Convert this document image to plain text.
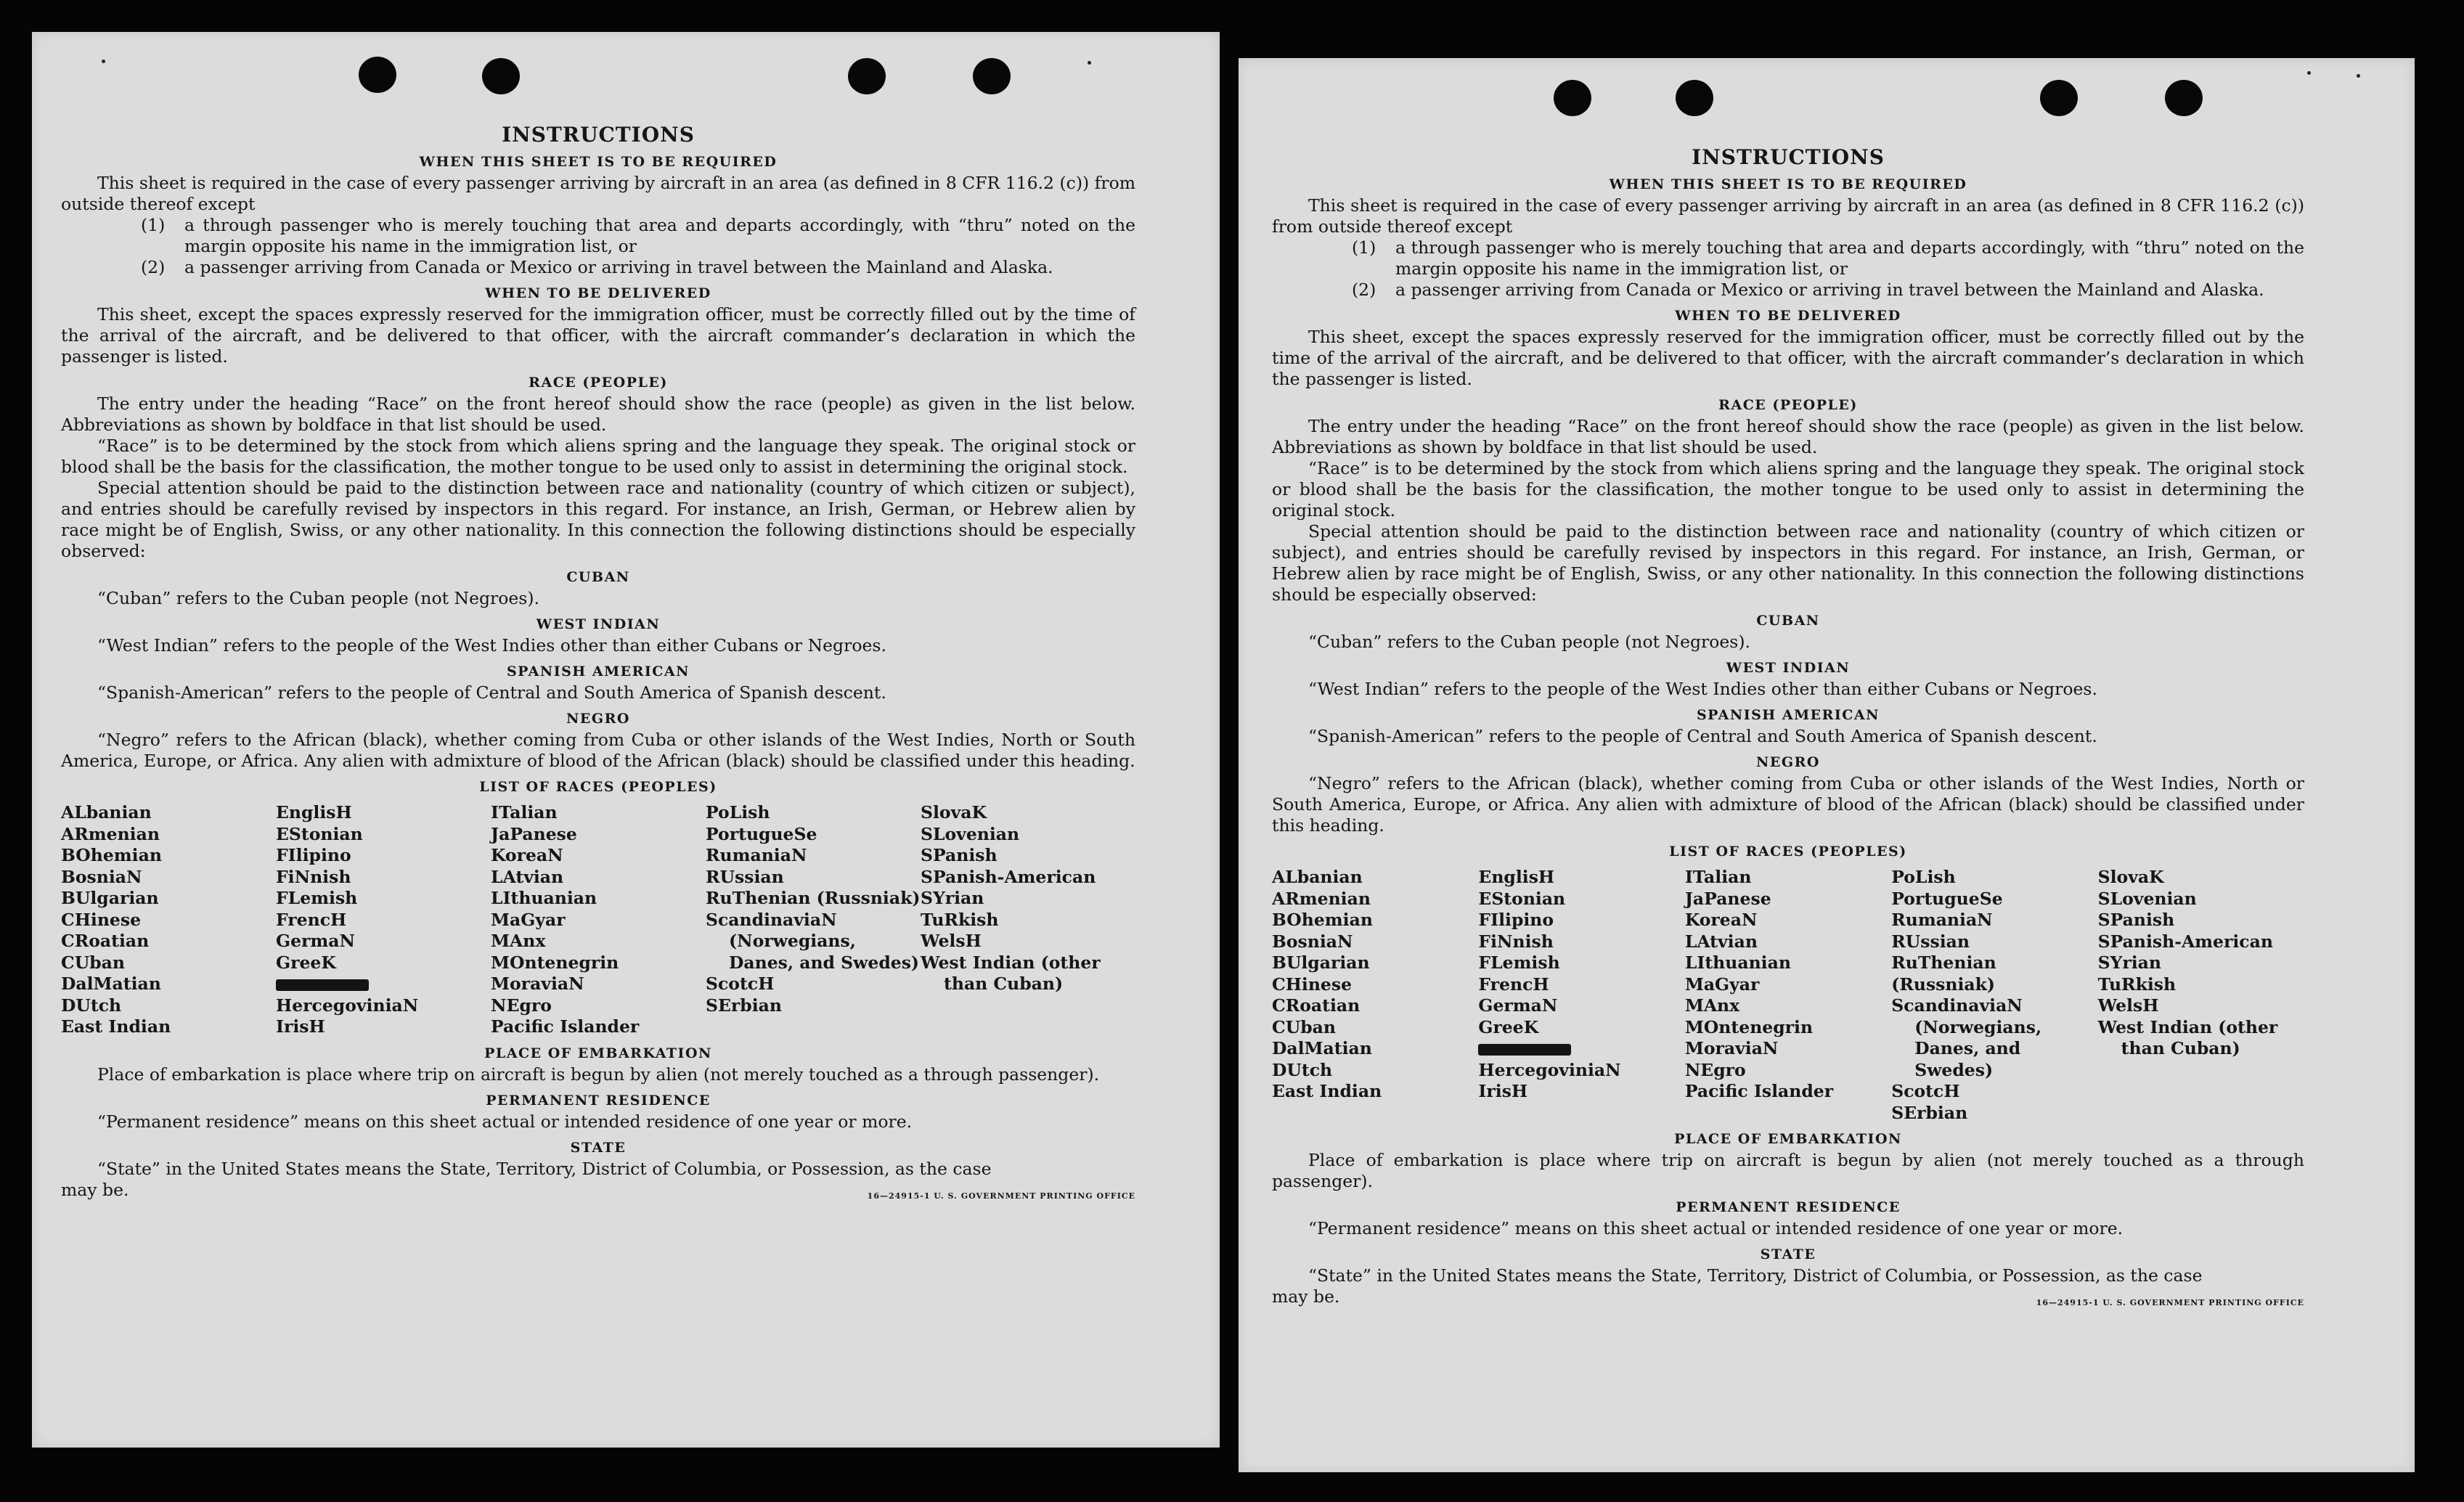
INSTRUCTIONS
WHEN THIS SHEET IS TO BE REQUIRED

This sheet is required in the case of every passenger arriving by aircraft in an area (as defined in 8 CFR 116.2 (c)) from outside thereof except

(1) a through passenger who is merely touching that area and departs accordingly, with “thru” noted on the margin opposite his name in the immigration list, or
(2) a passenger arriving from Canada or Mexico or arriving in travel between the Mainland and Alaska.
WHEN TO BE DELIVERED

This sheet, except the spaces expressly reserved for the immigration officer, must be correctly filled out by the time of the arrival of the aircraft, and be delivered to that officer, with the aircraft commander’s declaration in which the passenger is listed.

RACE (PEOPLE)

The entry under the heading “Race” on the front hereof should show the race (people) as given in the list below. Abbreviations as shown by boldface in that list should be used.

“Race” is to be determined by the stock from which aliens spring and the language they speak. The original stock or blood shall be the basis for the classification, the mother tongue to be used only to assist in determining the original stock.

Special attention should be paid to the distinction between race and nationality (country of which citizen or subject), and entries should be carefully revised by inspectors in this regard. For instance, an Irish, German, or Hebrew alien by race might be of English, Swiss, or any other nationality. In this connection the following distinctions should be especially observed:

CUBAN

“Cuban” refers to the Cuban people (not Negroes).

WEST INDIAN

“West Indian” refers to the people of the West Indies other than either Cubans or Negroes.

SPANISH AMERICAN

“Spanish-American” refers to the people of Central and South America of Spanish descent.

NEGRO

“Negro” refers to the African (black), whether coming from Cuba or other islands of the West Indies, North or South America, Europe, or Africa. Any alien with admixture of blood of the African (black) should be classified under this heading.

LIST OF RACES (PEOPLES)
ALbanian
ARmenian
BOhemian
BosniaN
BUlgarian
CHinese
CRoatian
CUban
DalMatian
DUtch
East Indian
EnglisH
EStonian
FIlipino
FiNnish
FLemish
FrencH
GermaN
GreeK
HercegoviniaN
IrisH
ITalian
JaPanese
KoreaN
LAtvian
LIthuanian
MaGyar
MAnx
MOntenegrin
MoraviaN
NEgro
Pacific Islander
PoLish
PortugueSe
RumaniaN
RUssian
RuThenian (Russniak)
ScandinaviaN (Norwegians, Danes, and Swedes)
ScotcH
SErbian
SlovaK
SLovenian
SPanish
SPanish-American
SYrian
TuRkish
WelsH
West Indian (other than Cuban)
PLACE OF EMBARKATION

Place of embarkation is place where trip on aircraft is begun by alien (not merely touched as a through passenger).

PERMANENT RESIDENCE

“Permanent residence” means on this sheet actual or intended residence of one year or more.

STATE

“State” in the United States means the State, Territory, District of Columbia, or Possession, as the case

may be.	16—24915-1 U. S. GOVERNMENT PRINTING OFFICE
INSTRUCTIONS
WHEN THIS SHEET IS TO BE REQUIRED

This sheet is required in the case of every passenger arriving by aircraft in an area (as defined in 8 CFR 116.2 (c)) from outside thereof except

(1) a through passenger who is merely touching that area and departs accordingly, with “thru” noted on the margin opposite his name in the immigration list, or
(2) a passenger arriving from Canada or Mexico or arriving in travel between the Mainland and Alaska.
WHEN TO BE DELIVERED

This sheet, except the spaces expressly reserved for the immigration officer, must be correctly filled out by the time of the arrival of the aircraft, and be delivered to that officer, with the aircraft commander’s declaration in which the passenger is listed.

RACE (PEOPLE)

The entry under the heading “Race” on the front hereof should show the race (people) as given in the list below. Abbreviations as shown by boldface in that list should be used.

“Race” is to be determined by the stock from which aliens spring and the language they speak. The original stock or blood shall be the basis for the classification, the mother tongue to be used only to assist in determining the original stock.

Special attention should be paid to the distinction between race and nationality (country of which citizen or subject), and entries should be carefully revised by inspectors in this regard. For instance, an Irish, German, or Hebrew alien by race might be of English, Swiss, or any other nationality. In this connection the following distinctions should be especially observed:

CUBAN

“Cuban” refers to the Cuban people (not Negroes).

WEST INDIAN

“West Indian” refers to the people of the West Indies other than either Cubans or Negroes.

SPANISH AMERICAN

“Spanish-American” refers to the people of Central and South America of Spanish descent.

NEGRO

“Negro” refers to the African (black), whether coming from Cuba or other islands of the West Indies, North or South America, Europe, or Africa. Any alien with admixture of blood of the African (black) should be classified under this heading.

LIST OF RACES (PEOPLES)
ALbanian
ARmenian
BOhemian
BosniaN
BUlgarian
CHinese
CRoatian
CUban
DalMatian
DUtch
East Indian
EnglisH
EStonian
FIlipino
FiNnish
FLemish
FrencH
GermaN
GreeK
HercegoviniaN
IrisH
ITalian
JaPanese
KoreaN
LAtvian
LIthuanian
MaGyar
MAnx
MOntenegrin
MoraviaN
NEgro
Pacific Islander
PoLish
PortugueSe
RumaniaN
RUssian
RuThenian (Russniak)
ScandinaviaN (Norwegians, Danes, and Swedes)
ScotcH
SErbian
SlovaK
SLovenian
SPanish
SPanish-American
SYrian
TuRkish
WelsH
West Indian (other than Cuban)
PLACE OF EMBARKATION

Place of embarkation is place where trip on aircraft is begun by alien (not merely touched as a through passenger).

PERMANENT RESIDENCE

“Permanent residence” means on this sheet actual or intended residence of one year or more.

STATE

“State” in the United States means the State, Territory, District of Columbia, or Possession, as the case

may be.	16—24915-1 U. S. GOVERNMENT PRINTING OFFICE
